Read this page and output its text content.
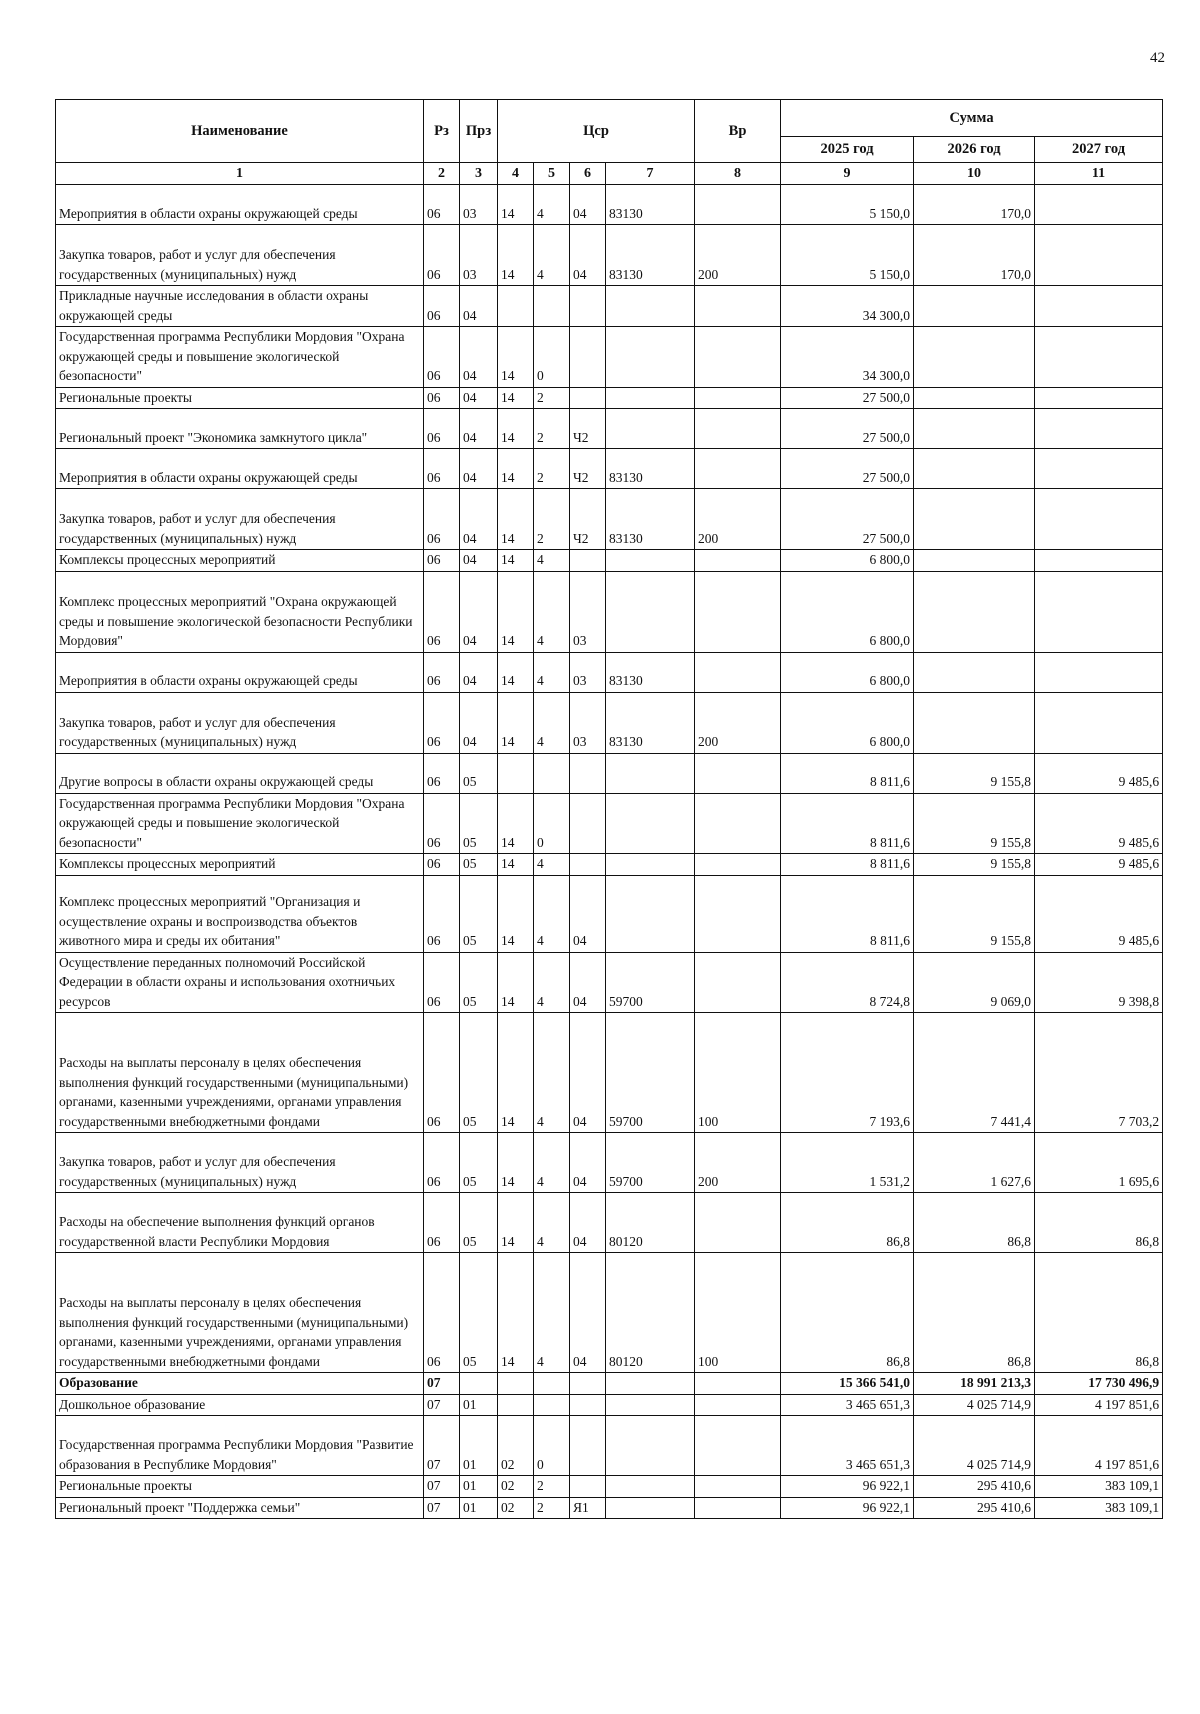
42
Наименование	Рз	Прз	Цср				Вр	Сумма		
								2025 год	2026 год	2027 год
1	2	3	4	5	6	7	8	9	10	11
Мероприятия в области охраны окружающей среды	06	03	14	4	04	83130		5 150,0	170,0	
Закупка товаров, работ и услуг для обеспечения государственных (муниципальных) нужд	06	03	14	4	04	83130	200	5 150,0	170,0	
Прикладные научные исследования в области охраны окружающей среды	06	04						34 300,0		
Государственная программа Республики Мордовия "Охрана окружающей среды и повышение экологической безопасности"	06	04	14	0				34 300,0		
Региональные проекты	06	04	14	2				27 500,0		
Региональный проект "Экономика замкнутого цикла"	06	04	14	2	Ч2			27 500,0		
Мероприятия в области охраны окружающей среды	06	04	14	2	Ч2	83130		27 500,0		
Закупка товаров, работ и услуг для обеспечения государственных (муниципальных) нужд	06	04	14	2	Ч2	83130	200	27 500,0		
Комплексы процессных мероприятий	06	04	14	4				6 800,0		
Комплекс процессных мероприятий "Охрана окружающей среды и повышение экологической безопасности Республики Мордовия"	06	04	14	4	03			6 800,0		
Мероприятия в области охраны окружающей среды	06	04	14	4	03	83130		6 800,0		
Закупка товаров, работ и услуг для обеспечения государственных (муниципальных) нужд	06	04	14	4	03	83130	200	6 800,0		
Другие вопросы в области охраны окружающей среды	06	05						8 811,6	9 155,8	9 485,6
Государственная программа Республики Мордовия "Охрана окружающей среды и повышение экологической безопасности"	06	05	14	0				8 811,6	9 155,8	9 485,6
Комплексы процессных мероприятий	06	05	14	4				8 811,6	9 155,8	9 485,6
Комплекс процессных мероприятий "Организация и осуществление охраны и воспроизводства объектов животного мира и среды их обитания"	06	05	14	4	04			8 811,6	9 155,8	9 485,6
Осуществление переданных полномочий Российской Федерации в области охраны и использования охотничьих ресурсов	06	05	14	4	04	59700		8 724,8	9 069,0	9 398,8
Расходы на выплаты персоналу в целях обеспечения выполнения функций государственными (муниципальными) органами, казенными учреждениями, органами управления государственными внебюджетными фондами	06	05	14	4	04	59700	100	7 193,6	7 441,4	7 703,2
Закупка товаров, работ и услуг для обеспечения государственных (муниципальных) нужд	06	05	14	4	04	59700	200	1 531,2	1 627,6	1 695,6
Расходы на обеспечение выполнения функций органов государственной власти Республики Мордовия	06	05	14	4	04	80120		86,8	86,8	86,8
Расходы на выплаты персоналу в целях обеспечения выполнения функций государственными (муниципальными) органами, казенными учреждениями, органами управления государственными внебюджетными фондами	06	05	14	4	04	80120	100	86,8	86,8	86,8
Образование	07							15 366 541,0	18 991 213,3	17 730 496,9
Дошкольное образование	07	01						3 465 651,3	4 025 714,9	4 197 851,6
Государственная программа Республики Мордовия "Развитие образования в Республике Мордовия"	07	01	02	0				3 465 651,3	4 025 714,9	4 197 851,6
Региональные проекты	07	01	02	2				96 922,1	295 410,6	383 109,1
Региональный проект "Поддержка семьи"	07	01	02	2	Я1			96 922,1	295 410,6	383 109,1
